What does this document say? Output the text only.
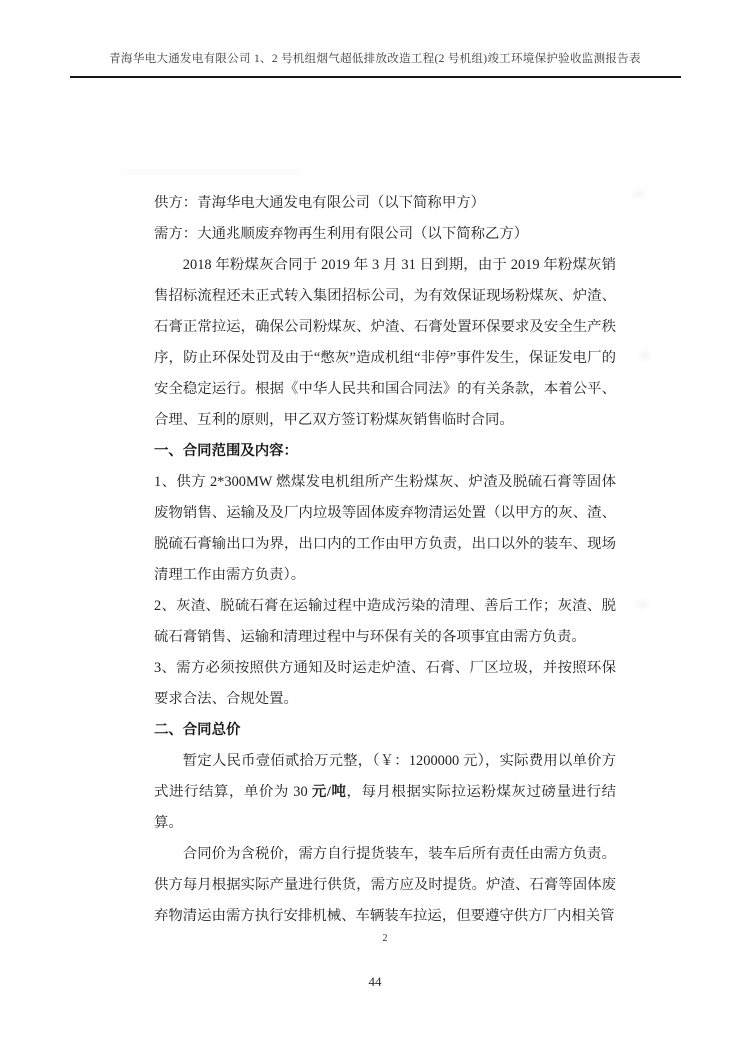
青海华电大通发电有限公司 1、2 号机组烟气超低排放改造工程(2 号机组)竣工环境保护验收监测报告表

供方：青海华电大通发电有限公司（以下简称甲方）

需方：大通兆顺废弃物再生利用有限公司（以下简称乙方）

2018 年粉煤灰合同于 2019 年 3 月 31 日到期，由于 2019 年粉煤灰销售招标流程还未正式转入集团招标公司，为有效保证现场粉煤灰、炉渣、石膏正常拉运，确保公司粉煤灰、炉渣、石膏处置环保要求及安全生产秩序，防止环保处罚及由于“憋灰”造成机组“非停”事件发生，保证发电厂的安全稳定运行。根据《中华人民共和国合同法》的有关条款，本着公平、合理、互利的原则，甲乙双方签订粉煤灰销售临时合同。

一、合同范围及内容：

1、供方 2*300MW 燃煤发电机组所产生粉煤灰、炉渣及脱硫石膏等固体废物销售、运输及及厂内垃圾等固体废弃物清运处置（以甲方的灰、渣、脱硫石膏输出口为界，出口内的工作由甲方负责，出口以外的装车、现场清理工作由需方负责）。

2、灰渣、脱硫石膏在运输过程中造成污染的清理、善后工作；灰渣、脱硫石膏销售、运输和清理过程中与环保有关的各项事宜由需方负责。

3、需方必须按照供方通知及时运走炉渣、石膏、厂区垃圾，并按照环保要求合法、合规处置。

二、合同总价

暂定人民币壹佰贰拾万元整，（￥：1200000 元），实际费用以单价方式进行结算，单价为 30 元/吨，每月根据实际拉运粉煤灰过磅量进行结算。

合同价为含税价，需方自行提货装车，装车后所有责任由需方负责。供方每月根据实际产量进行供货，需方应及时提货。炉渣、石膏等固体废弃物清运由需方执行安排机械、车辆装车拉运，但要遵守供方厂内相关管

2

44
